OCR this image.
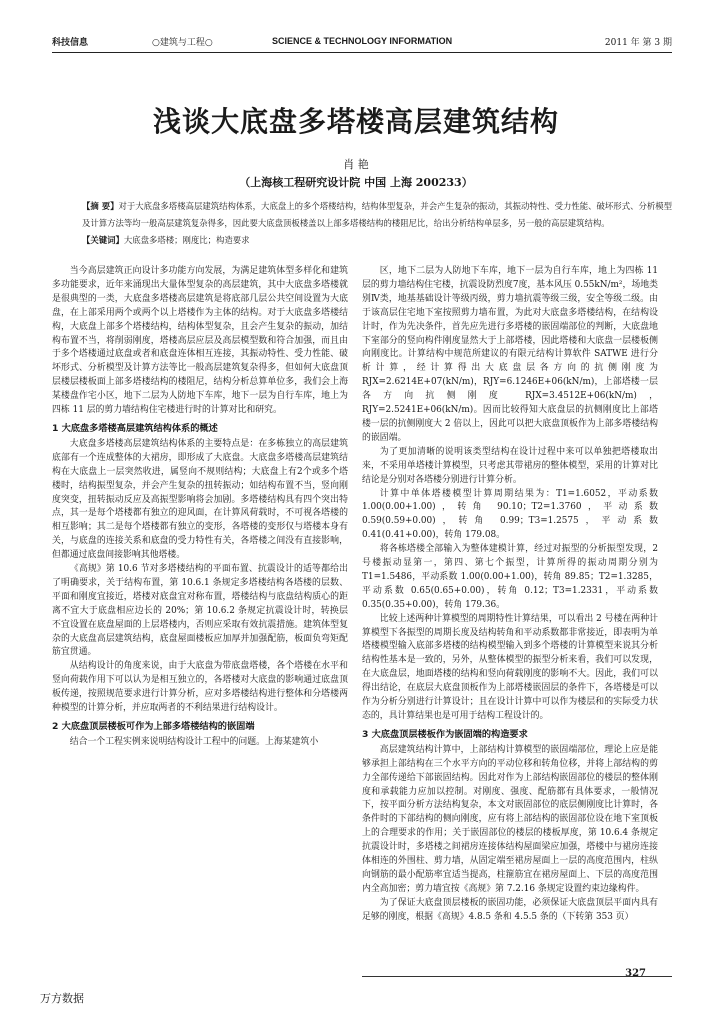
科技信息	○建筑与工程○	SCIENCE & TECHNOLOGY INFORMATION	2011 年 第 3 期
浅谈大底盘多塔楼高层建筑结构
肖 艳
（上海核工程研究设计院 中国 上海 200233）
【摘 要】对于大底盘多塔楼高层建筑结构体系，大底盘上的多个塔楼结构，结构体型复杂，并会产生复杂的振动，其振动特性、受力性能、破坏形式、分析模型及计算方法等均一般高层建筑复杂得多，因此要大底盘顶板楼盖以上部多塔楼结构的楼阻尼比，给出分析结构单层多，另一般的高层建筑结构。
【关键词】大底盘多塔楼；刚度比；构造要求

当今高层建筑正向设计多功能方向发展，为满足建筑体型多样化和建筑多功能要求，近年来涌现出大量体型复杂的高层建筑，其中大底盘多塔楼就是很典型的一类，大底盘多塔楼高层建筑是将底部几层公共空间设置为大底盘，在上部采用两个或两个以上塔楼作为主体的结构。对于大底盘多塔楼结构，大底盘上部多个塔楼结构，结构体型复杂，且会产生复杂的振动，加结构布置不当，将削弱刚度，塔楼高层应层及高层模型数和符合加强，而且由于多个塔楼通过底盘或者和底盘连体相互连接，其振动特性、受力性能、破坏形式、分析模型及计算方法等比一般高层建筑复杂得多，但如何大底盘顶层楼层楼板面上部多塔楼结构的楼阻尼，结构分析总算单位多，我们会上海某楼盘作宅小区，地下二层为人防地下车库，地下一层为自行车库，地上为四栋 11 层的剪力墙结构住宅楼进行时的计算对比和研究。

1 大底盘多塔楼高层建筑结构体系的概述

大底盘多塔楼高层建筑结构体系的主要特点是：在多栋独立的高层建筑底部有一个连成整体的大裙房，即形成了大底盘。大底盘多塔楼高层建筑结构在大底盘上一层突然收进，属竖向不规则结构；大底盘上有2个或多个塔楼时，结构振型复杂，并会产生复杂的扭转振动；如结构布置不当，竖向刚度突变，扭转振动反应及高振型影响将会加剧。多塔楼结构具有四个突出特点，其一是每个塔楼都有独立的迎风面，在计算风荷载时，不可视各塔楼的相互影响；其二是每个塔楼都有独立的变形，各塔楼的变形仅与塔楼本身有关，与底盘的连接关系和底盘的受力特性有关，各塔楼之间没有直接影响，但都通过底盘间接影响其他塔楼。

《高规》第 10.6 节对多塔楼结构的平面布置、抗震设计的适等都给出了明确要求，关于结构布置，第 10.6.1 条规定多塔楼结构各塔楼的层数、平面和刚度宜接近，塔楼对底盘宜对称布置，塔楼结构与底盘结构质心的距离不宜大于底盘相应边长的 20%；第 10.6.2 条规定抗震设计时，转换层不宜设置在底盘屋面的上层塔楼内，否则应采取有效抗震措施。建筑体型复杂的大底盘高层建筑结构，底盘屋面楼板应加厚并加强配筋，板面负弯矩配筋宜贯通。

从结构设计的角度来说，由于大底盘为带底盘塔楼，各个塔楼在水平和竖向荷载作用下可以认为是相互独立的，各塔楼对大底盘的影响通过底盘顶板传递，按照规范要求进行计算分析，应对多塔楼结构进行整体和分塔楼两种模型的计算分析，并应取两者的不利结果进行结构设计。

2 大底盘顶层楼板可作为上部多塔楼结构的嵌固端

结合一个工程实例来说明结构设计工程中的问题。上海某建筑小

区，地下二层为人防地下车库，地下一层为自行车库，地上为四栋 11 层的剪力墙结构住宅楼，抗震设防烈度7度，基本风压 0.55kN/m²，场地类别Ⅳ类，地基基础设计等级丙级，剪力墙抗震等级三级，安全等级二级。由于该高层住宅地下室按照剪力墙布置，为此对大底盘多塔楼结构，在结构设计时，作为先决条件，首先应先进行多塔楼的嵌固端部位的判断，大底盘地下室部分的竖向构件刚度显然大于上部塔楼，因此塔楼和大底盘一层楼板侧向刚度比。计算结构中规范所建议的有限元结构计算软件 SATWE 进行分析计算，经计算得出大底盘层各方向的抗侧刚度为 RJX=2.6214E+07(kN/m)，RJY=6.1246E+06(kN/m)，上部塔楼一层各方向抗侧刚度 RJX=3.4512E+06(kN/m)，RJY=2.5241E+06(kN/m)。因而比较得知大底盘层的抗侧刚度比上部塔楼一层的抗侧刚度大 2 倍以上，因此可以把大底盘顶板作为上部多塔楼结构的嵌固端。

为了更加清晰的说明该类型结构在设计过程中来可以单独把塔楼取出来，不采用单塔楼计算模型，只考虑其带裙房的整体模型，采用的计算对比结论是分别对各塔楼分别进行计算分析。

计算中单体塔楼模型计算周期结果为：T1=1.6052，平动系数 1.00(0.00+1.00)，转角 90.10；T2=1.3760，平动系数 0.59(0.59+0.00)，转角 0.99；T3=1.2575，平动系数 0.41(0.41+0.00)，转角 179.08。

将各栋塔楼全部输入为整体建模计算，经过对振型的分析振型发现，2号楼振动显第一，第四、第七个振型，计算所得的振动周期分别为 T1=1.5486，平动系数 1.00(0.00+1.00)，转角 89.85；T2=1.3285，平动系数 0.65(0.65+0.00)，转角 0.12；T3=1.2331，平动系数 0.35(0.35+0.00)，转角 179.36。

比较上述两种计算模型的周期特性计算结果，可以看出 2 号楼在两种计算模型下各振型的周期长度及结构转角和平动系数都非常接近，即表明为单塔楼模型输入底部多塔楼的结构模型输入到多个塔楼的计算模型来说其分析结构性基本是一致的，另外，从整体模型的振型分析来看，我们可以发现，在大底盘层，地面塔楼的结构和竖向荷载刚度的影响不大。因此，我们可以得出结论，在底层大底盘顶板作为上部塔楼嵌固层的条件下，各塔楼是可以作为分析分别进行计算设计；且在设计计算中可以作为楼层和的实际受力状态的，具计算结果也是可用于结构工程设计的。

3 大底盘顶层楼板作为嵌固端的构造要求

高层建筑结构计算中，上部结构计算模型的嵌固端部位，理论上应是能够承担上部结构在三个水平方向的平动位移和转角位移，并将上部结构的剪力全部传递给下部嵌固结构。因此对作为上部结构嵌固部位的楼层的整体刚度和承载能力应加以控制。对刚度、强度、配筋都有具体要求，一般情况下，按平面分析方法结构复杂，本文对嵌固部位的底层侧刚度比计算时，各条件时的下部结构的侧向刚度，应有将上部结构的嵌固部位设在地下室顶板上的合理要求的作用；关于嵌固部位的楼层的楼板厚度，第 10.6.4 条规定抗震设计时，多塔楼之间裙房连接体结构屋面梁应加强，塔楼中与裙房连接体相连的外围柱、剪力墙，从固定端至裙房屋面上一层的高度范围内，柱纵向钢筋的最小配筋率宜适当提高，柱箍筋宜在裙房屋面上、下层的高度范围内全高加密；剪力墙宜按《高规》第 7.2.16 条规定设置约束边缘构件。

为了保证大底盘顶层楼板的嵌固功能，必须保证大底盘顶层平面内具有足够的刚度，根据《高规》4.8.5 条和 4.5.5 条的（下转第 353 页）

327
万方数据
